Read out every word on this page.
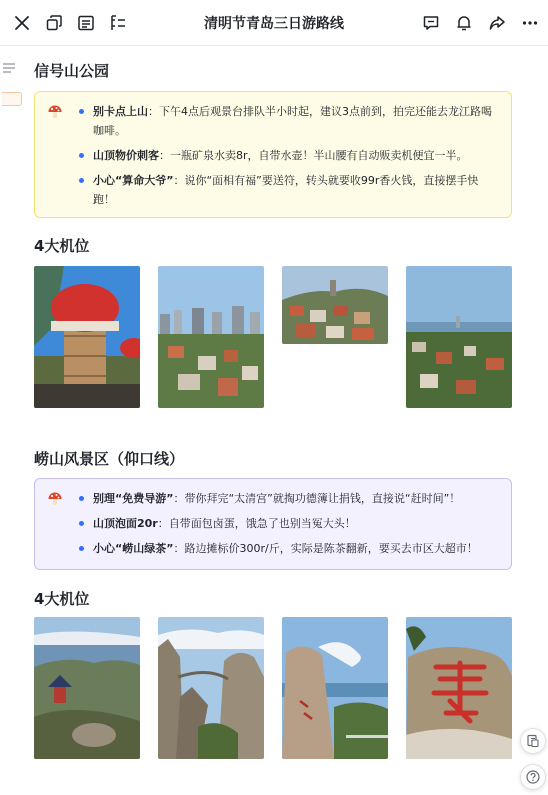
清明节青岛三日游路线
信号山公园
别卡点上山：下午4点后观景台排队半小时起，建议3点前到，拍完还能去龙江路喝咖啡。
山顶物价刺客：一瓶矿泉水卖8r，自带水壶！半山腰有自动贩卖机便宜一半。
小心“算命大爷”：说你“面相有福”要送符，转头就要收99r香火钱，直接摆手快跑！
4大机位
崂山风景区（仰口线）
别理“免费导游”：带你拜完“太清宫”就掏功德簿让捐钱，直接说“赶时间”！
山顶泡面20r：自带面包卤蛋，饿急了也别当冤大头！
小心“崂山绿茶”：路边摊标价300r/斤，实际是陈茶翻新，要买去市区大超市！
4大机位
